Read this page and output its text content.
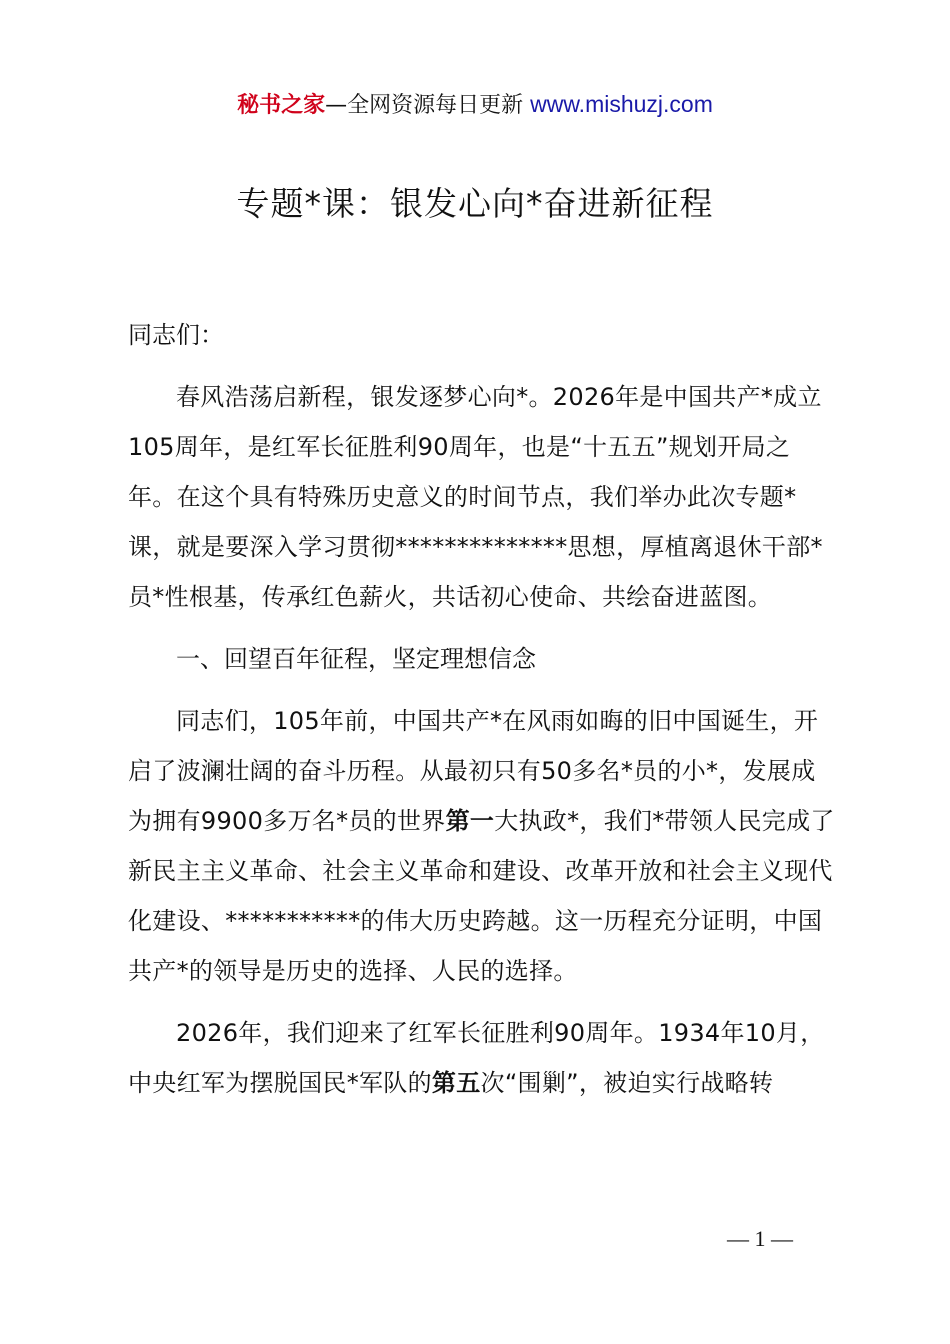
秘书之家—全网资源每日更新 www.mishuzj.com
专题*课：银发心向*奋进新征程

同志们：

春风浩荡启新程，银发逐梦心向*。2026年是中国共产*成立105周年，是红军长征胜利90周年，也是“十五五”规划开局之年。在这个具有特殊历史意义的时间节点，我们举办此次专题*课，就是要深入学习贯彻**************思想，厚植离退休干部*员*性根基，传承红色薪火，共话初心使命、共绘奋进蓝图。

一、回望百年征程，坚定理想信念

同志们，105年前，中国共产*在风雨如晦的旧中国诞生，开启了波澜壮阔的奋斗历程。从最初只有50多名*员的小*，发展成为拥有9900多万名*员的世界第一大执政*，我们*带领人民完成了新民主主义革命、社会主义革命和建设、改革开放和社会主义现代化建设、***********的伟大历史跨越。这一历程充分证明，中国共产*的领导是历史的选择、人民的选择。

2026年，我们迎来了红军长征胜利90周年。1934年10月，中央红军为摆脱国民*军队的第五次“围剿”，被迫实行战略转

— 1 —
